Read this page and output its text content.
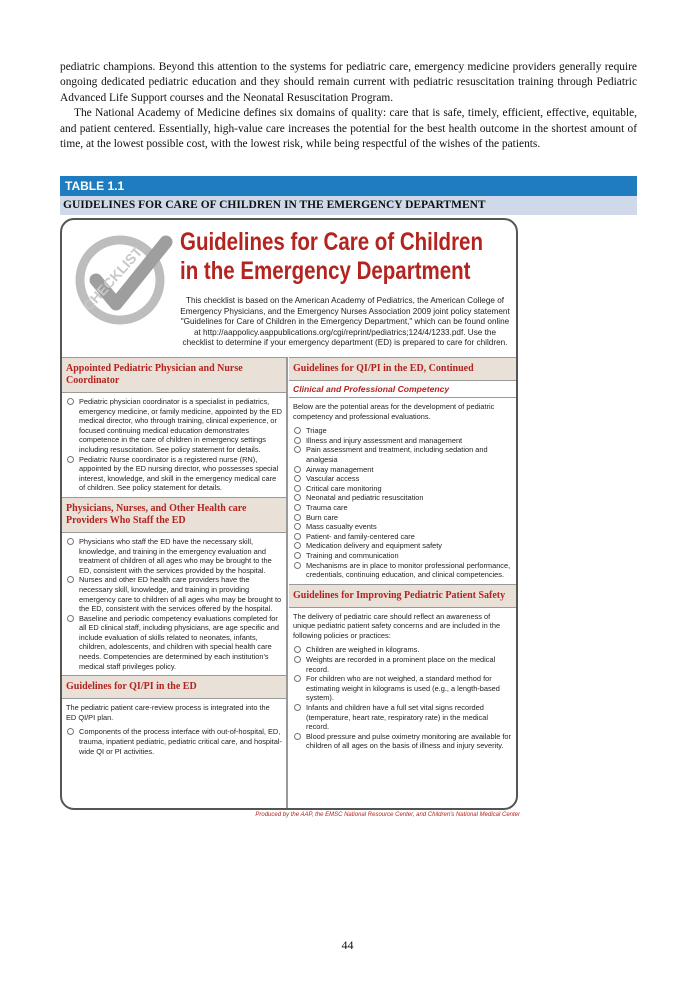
pediatric champions. Beyond this attention to the systems for pediatric care, emergency medicine providers generally require ongoing dedicated pediatric education and they should remain current with pediatric resuscitation training through Pediatric Advanced Life Support courses and the Neonatal Resuscitation Program.

The National Academy of Medicine defines six domains of quality: care that is safe, timely, efficient, effective, equitable, and patient centered. Essentially, high-value care increases the potential for the best health outcome in the shortest amount of time, at the lowest possible cost, with the lowest risk, while being respectful of the wishes of the patients.

TABLE 1.1
GUIDELINES FOR CARE OF CHILDREN IN THE EMERGENCY DEPARTMENT
CHECKLIST
Guidelines for Care of Children
in the Emergency Department
This checklist is based on the American Academy of Pediatrics, the American College of Emergency Physicians, and the Emergency Nurses Association 2009 joint policy statement "Guidelines for Care of Children in the Emergency Department," which can be found online at http://aappolicy.aappublications.org/cgi/reprint/pediatrics;124/4/1233.pdf. Use the checklist to determine if your emergency department (ED) is prepared to care for children.
Appointed Pediatric Physician and Nurse Coordinator
Pediatric physician coordinator is a specialist in pediatrics, emergency medicine, or family medicine, appointed by the ED medical director, who through training, clinical experience, or focused continuing medical education demonstrates competence in the care of children in emergency settings including resuscitation. See policy statement for details.
Pediatric Nurse coordinator is a registered nurse (RN), appointed by the ED nursing director, who possesses special interest, knowledge, and skill in the emergency medical care of children. See policy statement for details.
Physicians, Nurses, and Other Health care Providers Who Staff the ED
Physicians who staff the ED have the necessary skill, knowledge, and training in the emergency evaluation and treatment of children of all ages who may be brought to the ED, consistent with the services provided by the hospital.
Nurses and other ED health care providers have the necessary skill, knowledge, and training in providing emergency care to children of all ages who may be brought to the ED, consistent with the services offered by the hospital.
Baseline and periodic competency evaluations completed for all ED clinical staff, including physicians, are age specific and include evaluation of skills related to neonates, infants, children, adolescents, and children with special health care needs. Competencies are determined by each institution's medical staff privileges policy.
Guidelines for QI/PI in the ED

The pediatric patient care-review process is integrated into the ED QI/PI plan.

Components of the process interface with out-of-hospital, ED, trauma, inpatient pediatric, pediatric critical care, and hospital-wide QI or PI activities.
Guidelines for QI/PI in the ED, Continued
Clinical and Professional Competency

Below are the potential areas for the development of pediatric competency and professional evaluations.

Triage
Illness and injury assessment and management
Pain assessment and treatment, including sedation and analgesia
Airway management
Vascular access
Critical care monitoring
Neonatal and pediatric resuscitation
Trauma care
Burn care
Mass casualty events
Patient- and family-centered care
Medication delivery and equipment safety
Training and communication
Mechanisms are in place to monitor professional performance, credentials, continuing education, and clinical competencies.
Guidelines for Improving Pediatric Patient Safety

The delivery of pediatric care should reflect an awareness of unique pediatric patient safety concerns and are included in the following policies or practices:

Children are weighed in kilograms.
Weights are recorded in a prominent place on the medical record.
For children who are not weighed, a standard method for estimating weight in kilograms is used (e.g., a length-based system).
Infants and children have a full set vital signs recorded (temperature, heart rate, respiratory rate) in the medical record.
Blood pressure and pulse oximetry monitoring are available for children of all ages on the basis of illness and injury severity.
Produced by the AAP, the EMSC National Resource Center, and Children's National Medical Center
44
